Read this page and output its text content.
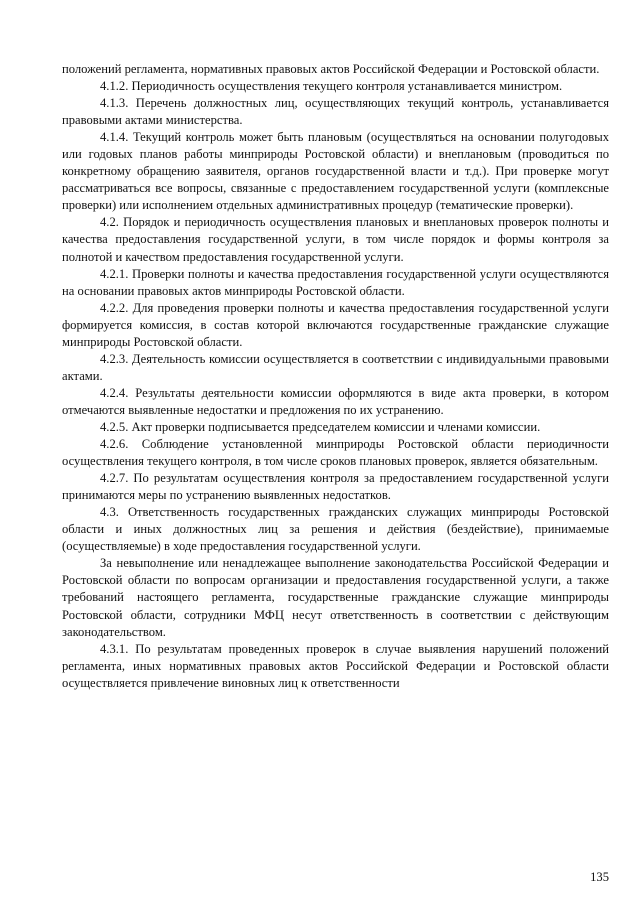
положений регламента, нормативных правовых актов Российской Федерации и Ростовской области.

4.1.2. Периодичность осуществления текущего контроля устанавливается министром.

4.1.3. Перечень должностных лиц, осуществляющих текущий контроль, устанавливается правовыми актами министерства.

4.1.4. Текущий контроль может быть плановым (осуществляться на основании полугодовых или годовых планов работы минприроды Ростовской области) и внеплановым (проводиться по конкретному обращению заявителя, органов государственной власти и т.д.). При проверке могут рассматриваться все вопросы, связанные с предоставлением государственной услуги (комплексные проверки) или исполнением отдельных административных процедур (тематические проверки).

4.2. Порядок и периодичность осуществления плановых и внеплановых проверок полноты и качества предоставления государственной услуги, в том числе порядок и формы контроля за полнотой и качеством предоставления государственной услуги.

4.2.1. Проверки полноты и качества предоставления государственной услуги осуществляются на основании правовых актов минприроды Ростовской области.

4.2.2. Для проведения проверки полноты и качества предоставления государственной услуги формируется комиссия, в состав которой включаются государственные гражданские служащие минприроды Ростовской области.

4.2.3. Деятельность комиссии осуществляется в соответствии с индивидуальными правовыми актами.

4.2.4. Результаты деятельности комиссии оформляются в виде акта проверки, в котором отмечаются выявленные недостатки и предложения по их устранению.

4.2.5. Акт проверки подписывается председателем комиссии и членами комиссии.

4.2.6. Соблюдение установленной минприроды Ростовской области периодичности осуществления текущего контроля, в том числе сроков плановых проверок, является обязательным.

4.2.7. По результатам осуществления контроля за предоставлением государственной услуги принимаются меры по устранению выявленных недостатков.

4.3. Ответственность государственных гражданских служащих минприроды Ростовской области и иных должностных лиц за решения и действия (бездействие), принимаемые (осуществляемые) в ходе предоставления государственной услуги.

За невыполнение или ненадлежащее выполнение законодательства Российской Федерации и Ростовской области по вопросам организации и предоставления государственной услуги, а также требований настоящего регламента, государственные гражданские служащие минприроды Ростовской области, сотрудники МФЦ несут ответственность в соответствии с действующим законодательством.

4.3.1. По результатам проведенных проверок в случае выявления нарушений положений регламента, иных нормативных правовых актов Российской Федерации и Ростовской области осуществляется привлечение виновных лиц к ответственности

135
